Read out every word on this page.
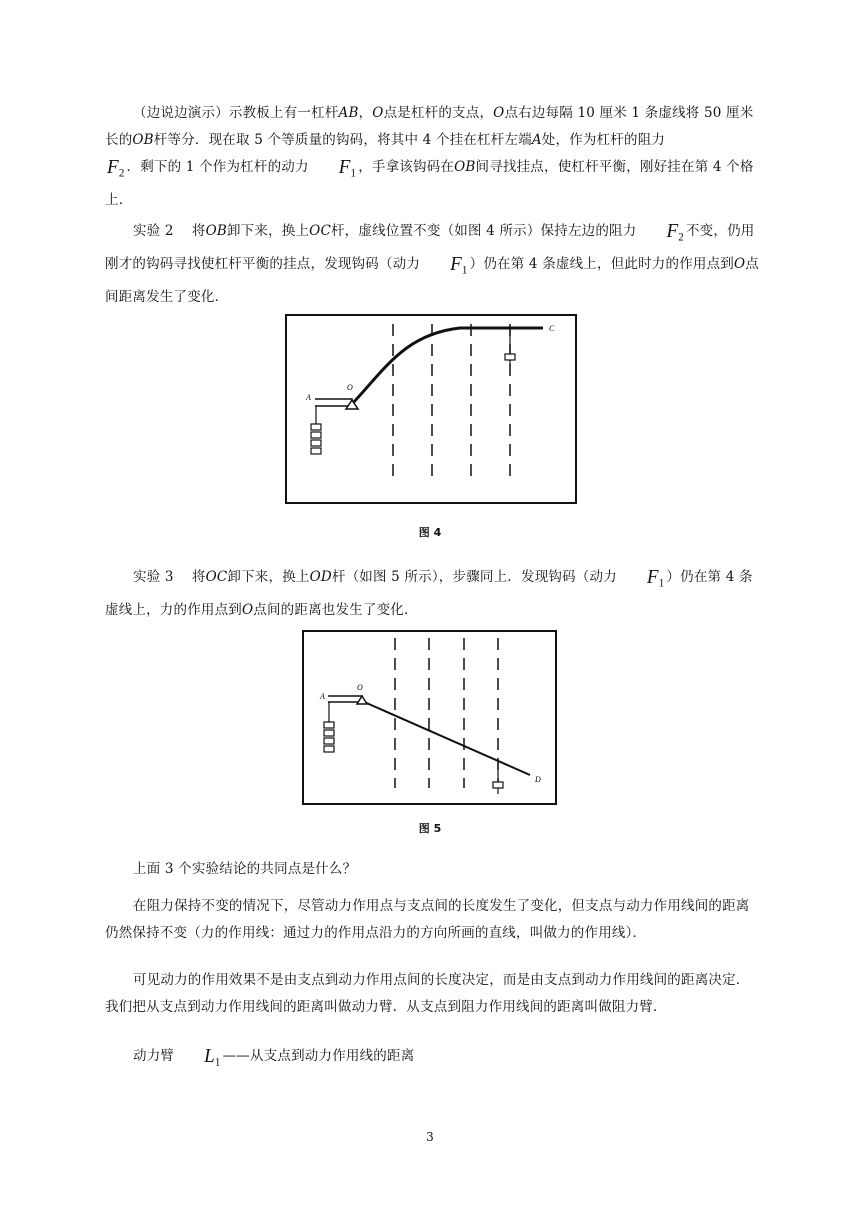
（边说边演示）示教板上有一杠杆AB，O点是杠杆的支点，O点右边每隔 10 厘米 1 条虚线将 50 厘米长的OB杆等分．现在取 5 个等质量的钩码，将其中 4 个挂在杠杆左端A处，作为杠杆的阻力
$F_2$ ．剩下的 1 个作为杠杆的动力 $F_1$ ，手拿该钩码在OB间寻找挂点，使杠杆平衡，刚好挂在第 4 个格上．

实验 2　 将OB卸下来，换上OC杆，虚线位置不变（如图 4 所示）保持左边的阻力 $F_2$ 不变，仍用刚才的钩码寻找使杠杆平衡的挂点，发现钩码（动力 $F_1$ ）仍在第 4 条虚线上，但此时力的作用点到O点间距离发生了变化．

A
O
C
图 4

实验 3　 将OC卸下来，换上OD杆（如图 5 所示），步骤同上．发现钩码（动力 $F_1$ ）仍在第 4 条虚线上，力的作用点到O点间的距离也发生了变化．

A
O
D
图 5

上面 3 个实验结论的共同点是什么？

在阻力保持不变的情况下，尽管动力作用点与支点间的长度发生了变化，但支点与动力作用线间的距离仍然保持不变（力的作用线：通过力的作用点沿力的方向所画的直线，叫做力的作用线）．

可见动力的作用效果不是由支点到动力作用点间的长度决定，而是由支点到动力作用线间的距离决定．我们把从支点到动力作用线间的距离叫做动力臂．从支点到阻力作用线间的距离叫做阻力臂．

动力臂 $L_1$ ——从支点到动力作用线的距离

3
